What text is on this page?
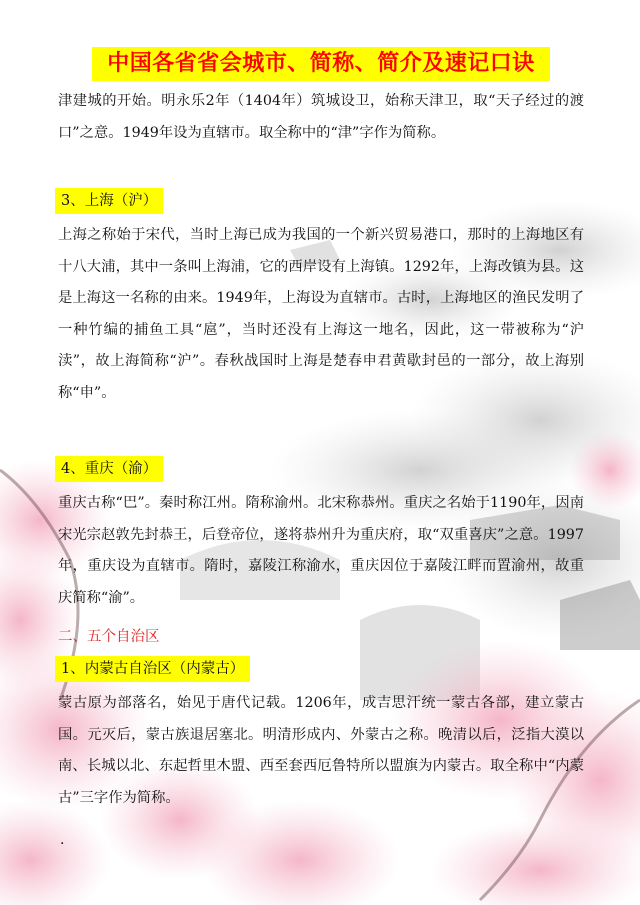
中国各省省会城市、简称、简介及速记口诀
津建城的开始。明永乐2年（1404年）筑城设卫，始称天津卫，取“天子经过的渡口”之意。1949年设为直辖市。取全称中的“津”字作为简称。
3、上海（沪）
上海之称始于宋代，当时上海已成为我国的一个新兴贸易港口，那时的上海地区有十八大浦，其中一条叫上海浦，它的西岸设有上海镇。1292年，上海改镇为县。这是上海这一名称的由来。1949年，上海设为直辖市。古时，上海地区的渔民发明了一种竹编的捕鱼工具“扈”，当时还没有上海这一地名，因此，这一带被称为“沪渎”，故上海简称“沪”。春秋战国时上海是楚春申君黄歇封邑的一部分，故上海别称“申”。
4、重庆（渝）
重庆古称“巴”。秦时称江州。隋称渝州。北宋称恭州。重庆之名始于1190年，因南宋光宗赵敦先封恭王，后登帝位，遂将恭州升为重庆府，取“双重喜庆”之意。1997年，重庆设为直辖市。隋时，嘉陵江称渝水，重庆因位于嘉陵江畔而置渝州，故重庆简称“渝”。
二、五个自治区
1、内蒙古自治区（内蒙古）
蒙古原为部落名，始见于唐代记载。1206年，成吉思汗统一蒙古各部，建立蒙古国。元灭后，蒙古族退居塞北。明清形成内、外蒙古之称。晚清以后，泛指大漠以南、长城以北、东起哲里木盟、西至套西厄鲁特所以盟旗为内蒙古。取全称中“内蒙古”三字作为简称。
.
